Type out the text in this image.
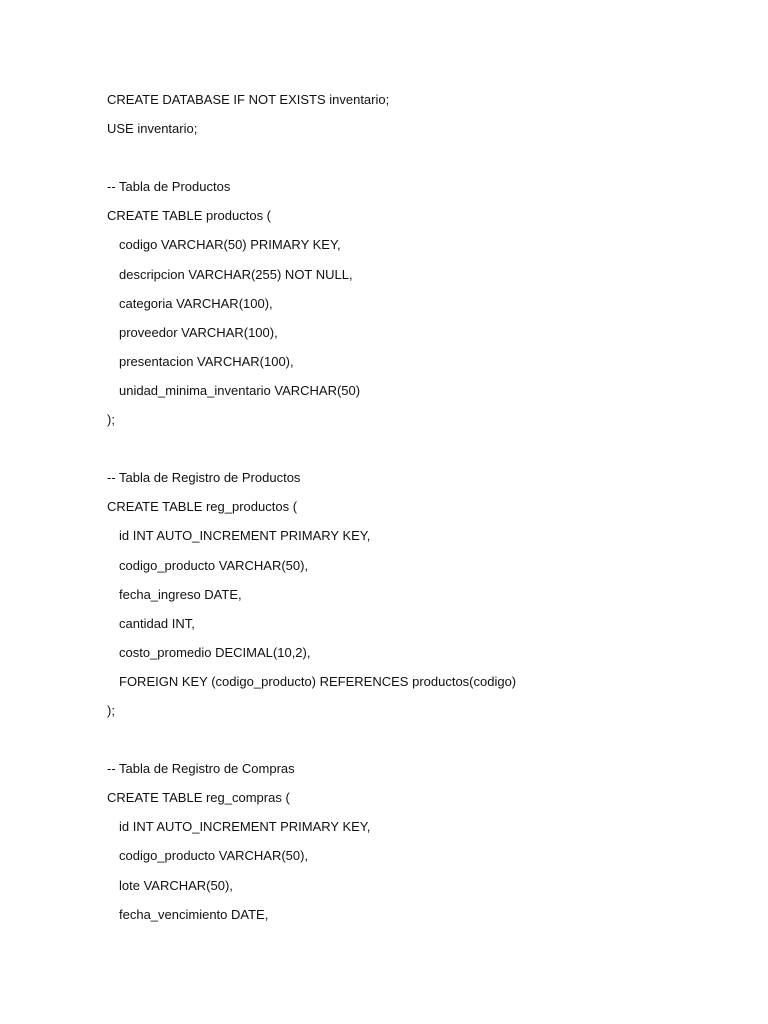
CREATE DATABASE IF NOT EXISTS inventario;
USE inventario;
-- Tabla de Productos
CREATE TABLE productos (
codigo VARCHAR(50) PRIMARY KEY,
descripcion VARCHAR(255) NOT NULL,
categoria VARCHAR(100),
proveedor VARCHAR(100),
presentacion VARCHAR(100),
unidad_minima_inventario VARCHAR(50)
);
-- Tabla de Registro de Productos
CREATE TABLE reg_productos (
id INT AUTO_INCREMENT PRIMARY KEY,
codigo_producto VARCHAR(50),
fecha_ingreso DATE,
cantidad INT,
costo_promedio DECIMAL(10,2),
FOREIGN KEY (codigo_producto) REFERENCES productos(codigo)
);
-- Tabla de Registro de Compras
CREATE TABLE reg_compras (
id INT AUTO_INCREMENT PRIMARY KEY,
codigo_producto VARCHAR(50),
lote VARCHAR(50),
fecha_vencimiento DATE,
